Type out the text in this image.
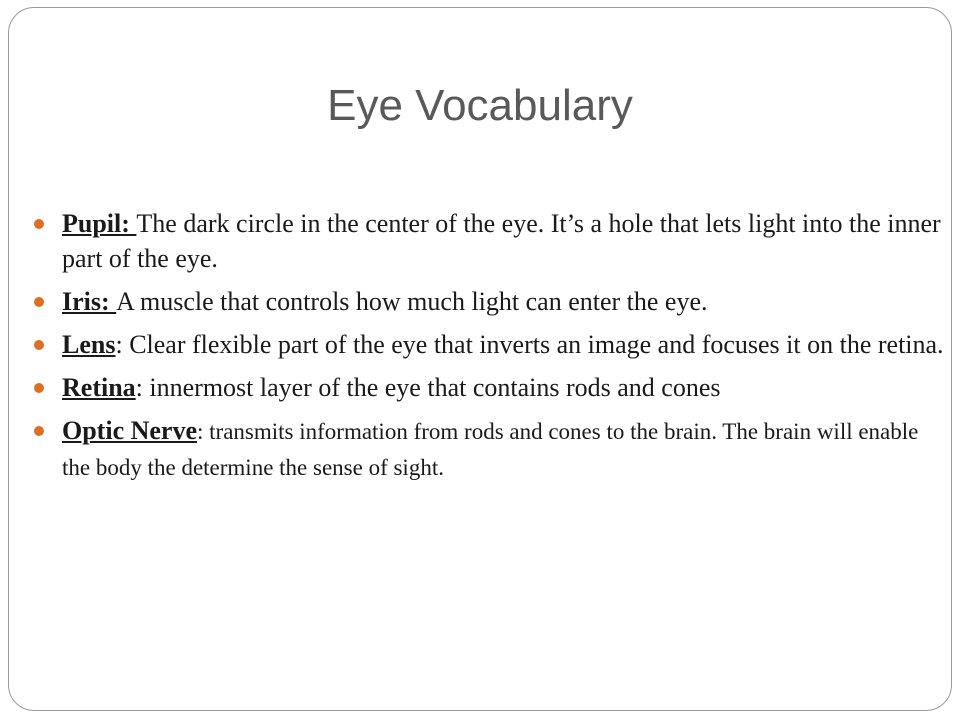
Eye Vocabulary
Pupil: The dark circle in the center of the eye. It’s a hole that lets light into the inner part of the eye.
Iris: A muscle that controls how much light can enter the eye.
Lens: Clear flexible part of the eye that inverts an image and focuses it on the retina.
Retina: innermost layer of the eye that contains rods and cones
Optic Nerve: transmits information from rods and cones to the brain. The brain will enable the body the determine the sense of sight.
